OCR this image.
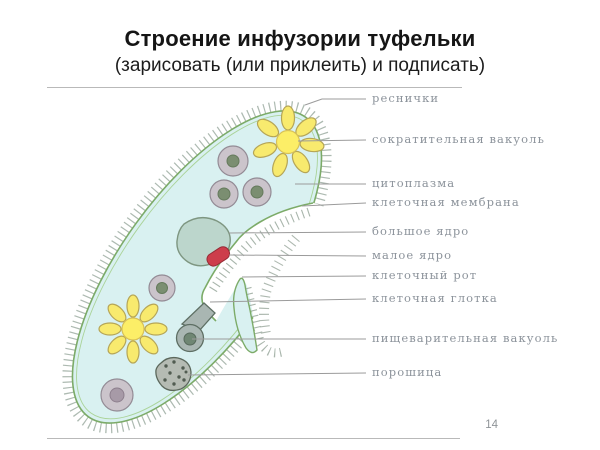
Строение инфузории туфельки
(зарисовать (или приклеить) и подписать)
14
реснички
сократительная вакуоль
цитоплазма
клеточная мембрана
большое ядро
малое ядро
клеточный рот
клеточная глотка
пищеварительная вакуоль
порошица
